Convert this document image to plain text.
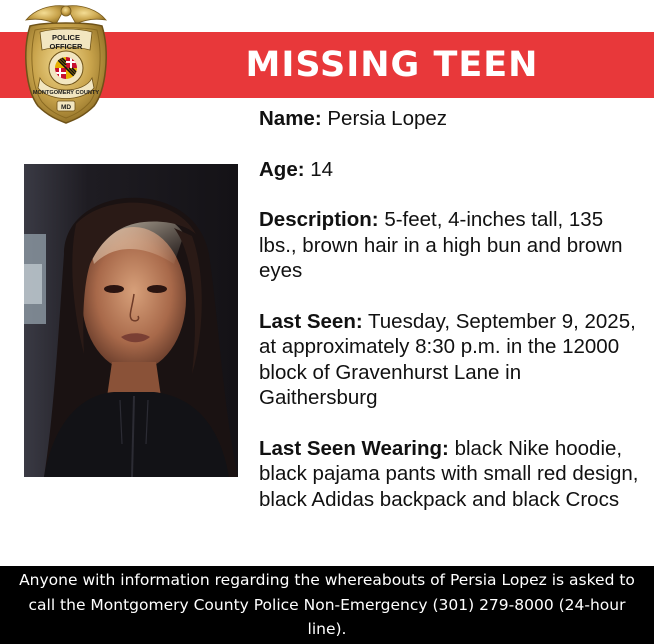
MISSING TEEN
POLICE
OFFICER
MONTGOMERY COUNTY
MD	Name: Persia Lopez
Age: 14
Description: 5-feet, 4-inches tall, 135 lbs., brown hair in a high bun and brown eyes
Last Seen: Tuesday, September 9, 2025, at approximately 8:30 p.m. in the 12000 block of Gravenhurst Lane in Gaithersburg
Last Seen Wearing: black Nike hoodie, black pajama pants with small red design, black Adidas backpack and black Crocs
Anyone with information regarding the whereabouts of Persia Lopez is asked to call the Montgomery County Police Non-Emergency (301) 279-8000 (24-hour line).
